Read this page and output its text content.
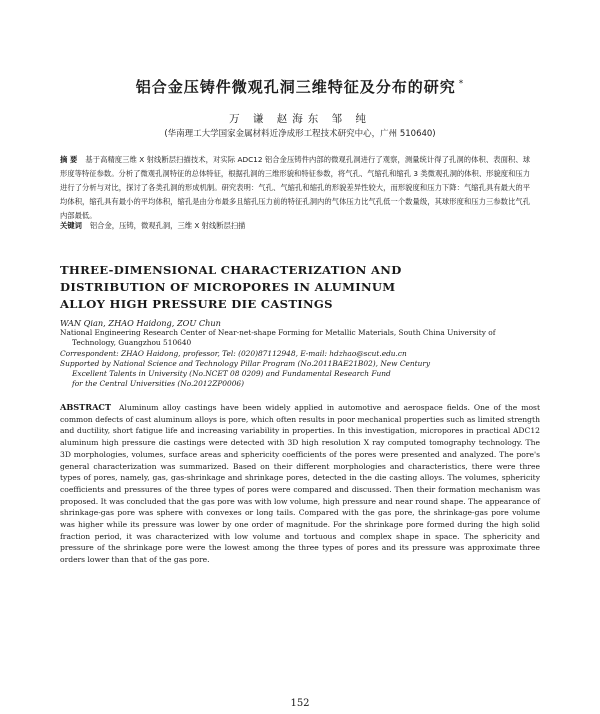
铝合金压铸件微观孔洞三维特征及分布的研究 *
万 谦 赵海东 邹 纯
(华南理工大学国家金属材料近净成形工程技术研究中心，广州 510640)
摘 要 基于高精度三维 X 射线断层扫描技术，对实际 ADC12 铝合金压铸件内部的微观孔洞进行了观察，测量统计得了孔洞的体积、表面积、球形度等特征参数。分析了微观孔洞特征的总体特征，根据孔洞的三维形貌和特征参数，将气孔、气缩孔和缩孔 3 类微观孔洞的体积、形貌度和压力进行了分析与对比，探讨了各类孔洞的形成机制。研究表明：气孔、气缩孔和缩孔的形貌差异性较大，而形貌度和压力下降：气缩孔具有最大的平均体积，缩孔具有最小的平均体积，缩孔是由分布最多且缩孔压力前的特征孔洞内的气体压力比气孔低一个数量级，其球形度和压力三参数比气孔内部最低。
关键词 铝合金，压铸，微观孔洞，三维 X 射线断层扫描
THREE-DIMENSIONAL CHARACTERIZATION AND
DISTRIBUTION OF MICROPORES IN ALUMINUM
ALLOY HIGH PRESSURE DIE CASTINGS
WAN Qian, ZHAO Haidong, ZOU Chun
National Engineering Research Center of Near-net-shape Forming for Metallic Materials, South China University of
Technology, Guangzhou 510640
Correspondent: ZHAO Haidong, professor, Tel: (020)87112948, E-mail: hdzhao@scut.edu.cn
Supported by National Science and Technology Pillar Program (No.2011BAE21B02), New Century
Excellent Talents in University (No.NCET 08 0209) and Fundamental Research Fund
for the Central Universities (No.2012ZP0006)
ABSTRACT Aluminum alloy castings have been widely applied in automotive and aerospace fields. One of the most common defects of cast aluminum alloys is pore, which often results in poor mechanical properties such as limited strength and ductility, short fatigue life and increasing variability in properties. In this investigation, micropores in practical ADC12 aluminum high pressure die castings were detected with 3D high resolution X ray computed tomography technology. The 3D morphologies, volumes, surface areas and sphericity coefficients of the pores were presented and analyzed. The pore's general characterization was summarized. Based on their different morphologies and characteristics, there were three types of pores, namely, gas, gas-shrinkage and shrinkage pores, detected in the die casting alloys. The volumes, sphericity coefficients and pressures of the three types of pores were compared and discussed. Then their formation mechanism was proposed. It was concluded that the gas pore was with low volume, high pressure and near round shape. The appearance of shrinkage-gas pore was sphere with convexes or long tails. Compared with the gas pore, the shrinkage-gas pore volume was higher while its pressure was lower by one order of magnitude. For the shrinkage pore formed during the high solid fraction period, it was characterized with low volume and tortuous and complex shape in space. The sphericity and pressure of the shrinkage pore were the lowest among the three types of pores and its pressure was approximate three orders lower than that of the gas pore.
152
